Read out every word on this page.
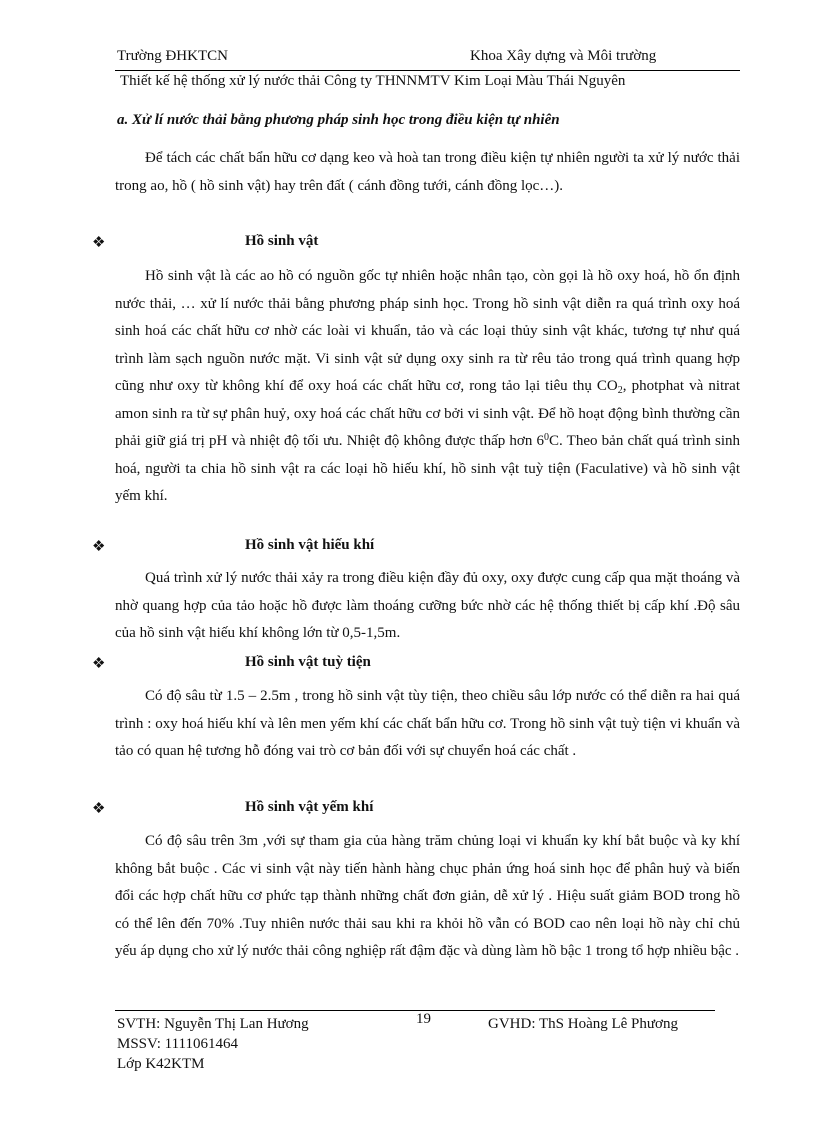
Trường ĐHKTCN	Khoa Xây dựng và Môi trường
Thiết kế hệ thống xử lý nước thải Công ty THNNMTV Kim Loại Màu Thái Nguyên
a. Xử lí nước thải bằng phương pháp sinh học trong điều kiện tự nhiên

Để tách các chất bẩn hữu cơ dạng keo và hoà tan trong điều kiện tự nhiên người ta xử lý nước thải trong ao, hồ ( hồ sinh vật) hay trên đất ( cánh đồng tưới, cánh đồng lọc…).

❖	Hồ sinh vật

Hồ sinh vật là các ao hồ có nguồn gốc tự nhiên hoặc nhân tạo, còn gọi là hồ oxy hoá, hồ ổn định nước thải, … xử lí nước thải bằng phương pháp sinh học. Trong hồ sinh vật diễn ra quá trình oxy hoá sinh hoá các chất hữu cơ nhờ các loài vi khuẩn, tảo và các loại thủy sinh vật khác, tương tự như quá trình làm sạch nguồn nước mặt. Vi sinh vật sử dụng oxy sinh ra từ rêu tảo trong quá trình quang hợp cũng như oxy từ không khí để oxy hoá các chất hữu cơ, rong tảo lại tiêu thụ $CO_2$, photphat và nitrat amon sinh ra từ sự phân huỷ, oxy hoá các chất hữu cơ bởi vi sinh vật. Để hồ hoạt động bình thường cần phải giữ giá trị pH và nhiệt độ tối ưu. Nhiệt độ không được thấp hơn $6^0C$. Theo bản chất quá trình sinh hoá, người ta chia hồ sinh vật ra các loại hồ hiếu khí, hồ sinh vật tuỳ tiện (Faculative) và hồ sinh vật yếm khí.

❖	Hồ sinh vật hiếu khí

Quá trình xử lý nước thải xảy ra trong điều kiện đầy đủ oxy, oxy được cung cấp qua mặt thoáng và nhờ quang hợp của tảo hoặc hồ được làm thoáng cưỡng bức nhờ các hệ thống thiết bị cấp khí .Độ sâu của hồ sinh vật hiếu khí không lớn từ 0,5-1,5m.

❖	Hồ sinh vật tuỳ tiện

Có độ sâu từ 1.5 – 2.5m , trong hồ sinh vật tùy tiện, theo chiều sâu lớp nước có thể diễn ra hai quá trình : oxy hoá hiếu khí và lên men yếm khí các chất bẩn hữu cơ. Trong hồ sinh vật tuỳ tiện vi khuẩn và tảo có quan hệ tương hỗ đóng vai trò cơ bản đối với sự chuyển hoá các chất .

❖	Hồ sinh vật yếm khí

Có độ sâu trên 3m ,với sự tham gia của hàng trăm chủng loại vi khuẩn ky khí bắt buộc và ky khí không bắt buộc . Các vi sinh vật này tiến hành hàng chục phản ứng hoá sinh học để phân huỷ và biến đổi các hợp chất hữu cơ phức tạp thành những chất đơn giản, dễ xử lý . Hiệu suất giảm BOD trong hồ có thể lên đến 70% .Tuy nhiên nước thải sau khi ra khỏi hồ vẫn có BOD cao nên loại hồ này chỉ chủ yếu áp dụng cho xử lý nước thải công nghiệp rất đậm đặc và dùng làm hồ bậc 1 trong tổ hợp nhiều bậc .

SVTH: Nguyễn Thị Lan Hương	19	GVHD: ThS Hoàng Lê Phương
MSSV: 1111061464
Lớp K42KTM
